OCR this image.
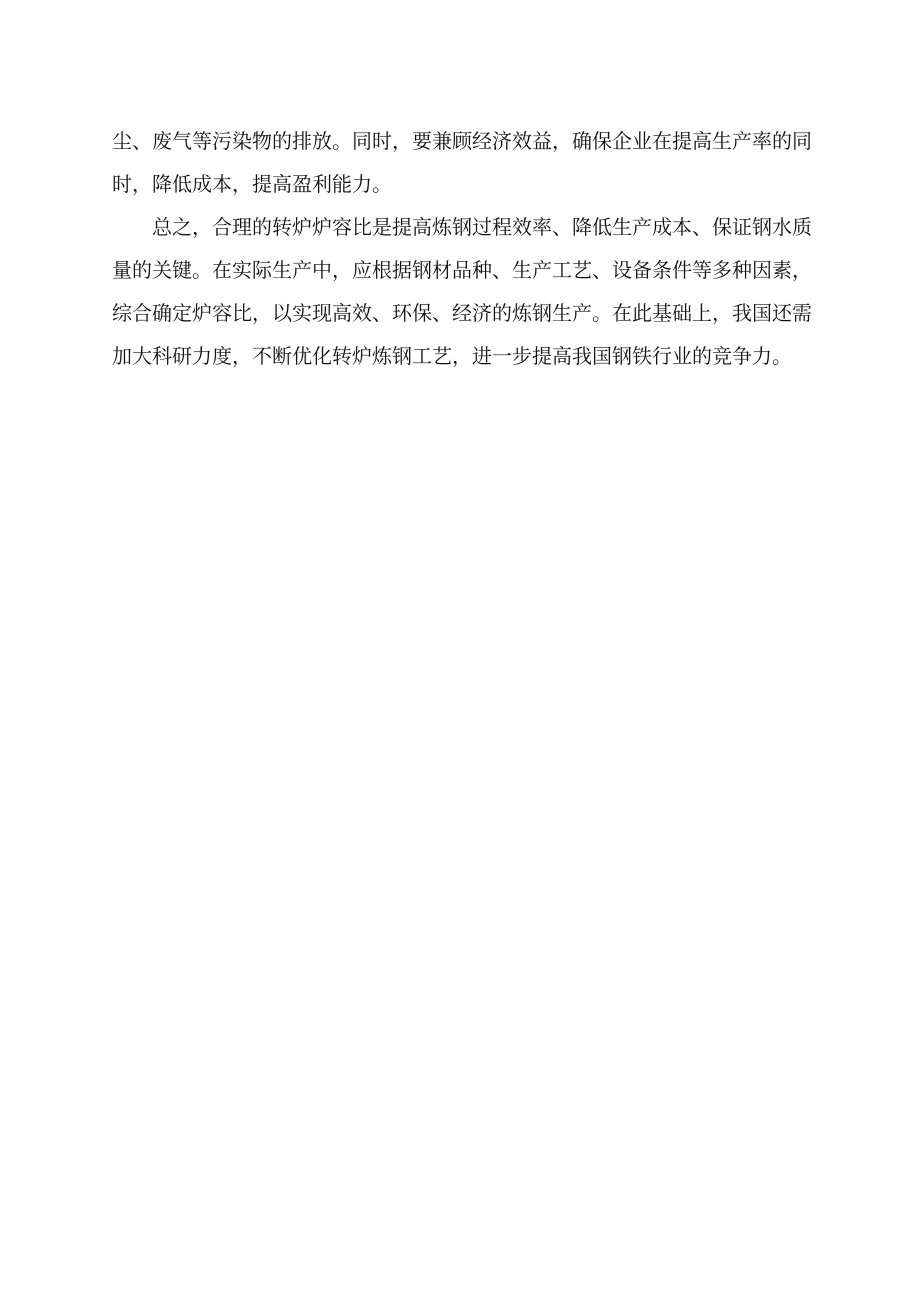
尘、废气等污染物的排放。同时，要兼顾经济效益，确保企业在提高生产率的同
时，降低成本，提高盈利能力。

总之，合理的转炉炉容比是提高炼钢过程效率、降低生产成本、保证钢水质
量的关键。在实际生产中，应根据钢材品种、生产工艺、设备条件等多种因素，
综合确定炉容比，以实现高效、环保、经济的炼钢生产。在此基础上，我国还需
加大科研力度，不断优化转炉炼钢工艺，进一步提高我国钢铁行业的竞争力。
